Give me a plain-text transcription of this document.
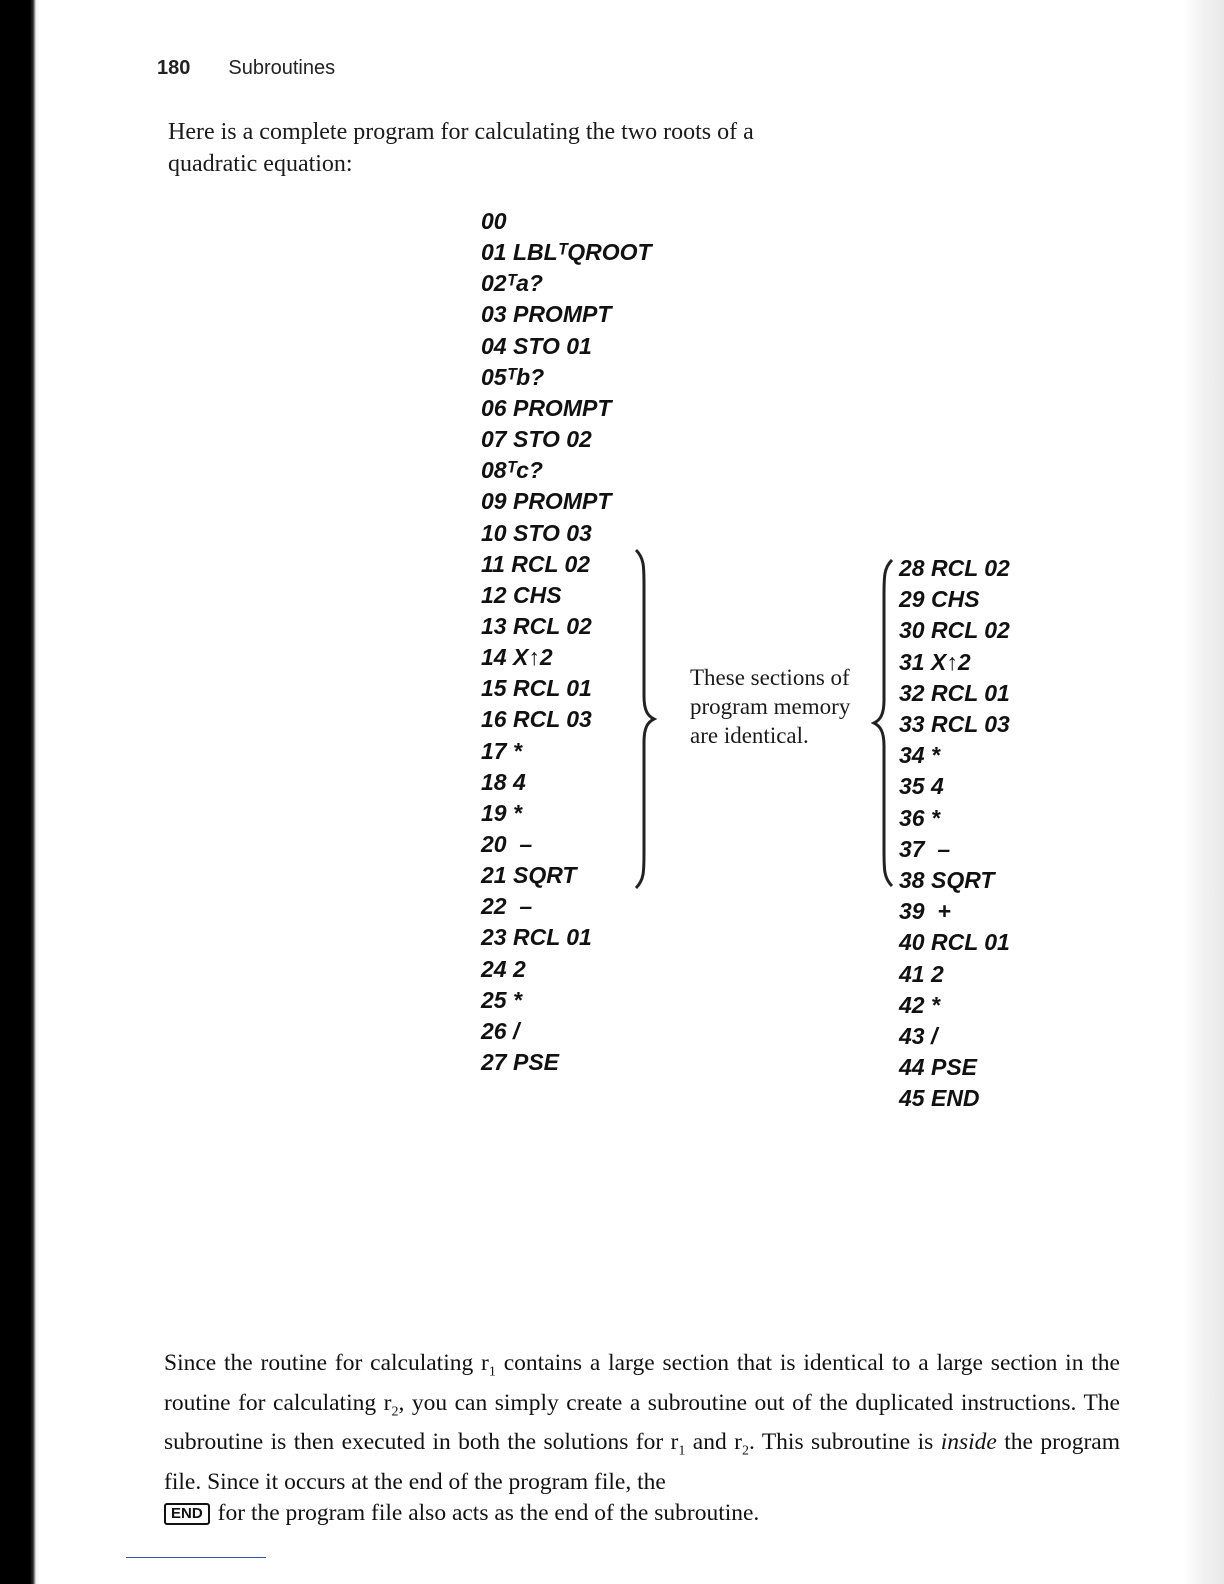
180 Subroutines
Here is a complete program for calculating the two roots of a quadratic equation:
00
01 LBLᵀQROOT
02ᵀa?
03 PROMPT
04 STO 01
05ᵀb?
06 PROMPT
07 STO 02
08ᵀc?
09 PROMPT
10 STO 03
11 RCL 02
12 CHS
13 RCL 02
14 X↑2
15 RCL 01
16 RCL 03
17 *
18 4
19 *
20  –
21 SQRT
22  –
23 RCL 01
24 2
25 *
26 /
27 PSE
28 RCL 02
29 CHS
30 RCL 02
31 X↑2
32 RCL 01
33 RCL 03
34 *
35 4
36 *
37  –
38 SQRT
39  +
40 RCL 01
41 2
42 *
43 /
44 PSE
45 END
These sections of program memory are identical.
Since the routine for calculating $r_1$ contains a large section that is identical to a large section in the routine for calculating $r_2$, you can simply create a subroutine out of the duplicated instructions. The subroutine is then executed in both the solutions for $r_1$ and $r_2$. This subroutine is inside the program file. Since it occurs at the end of the program file, the
END for the program file also acts as the end of the subroutine.
